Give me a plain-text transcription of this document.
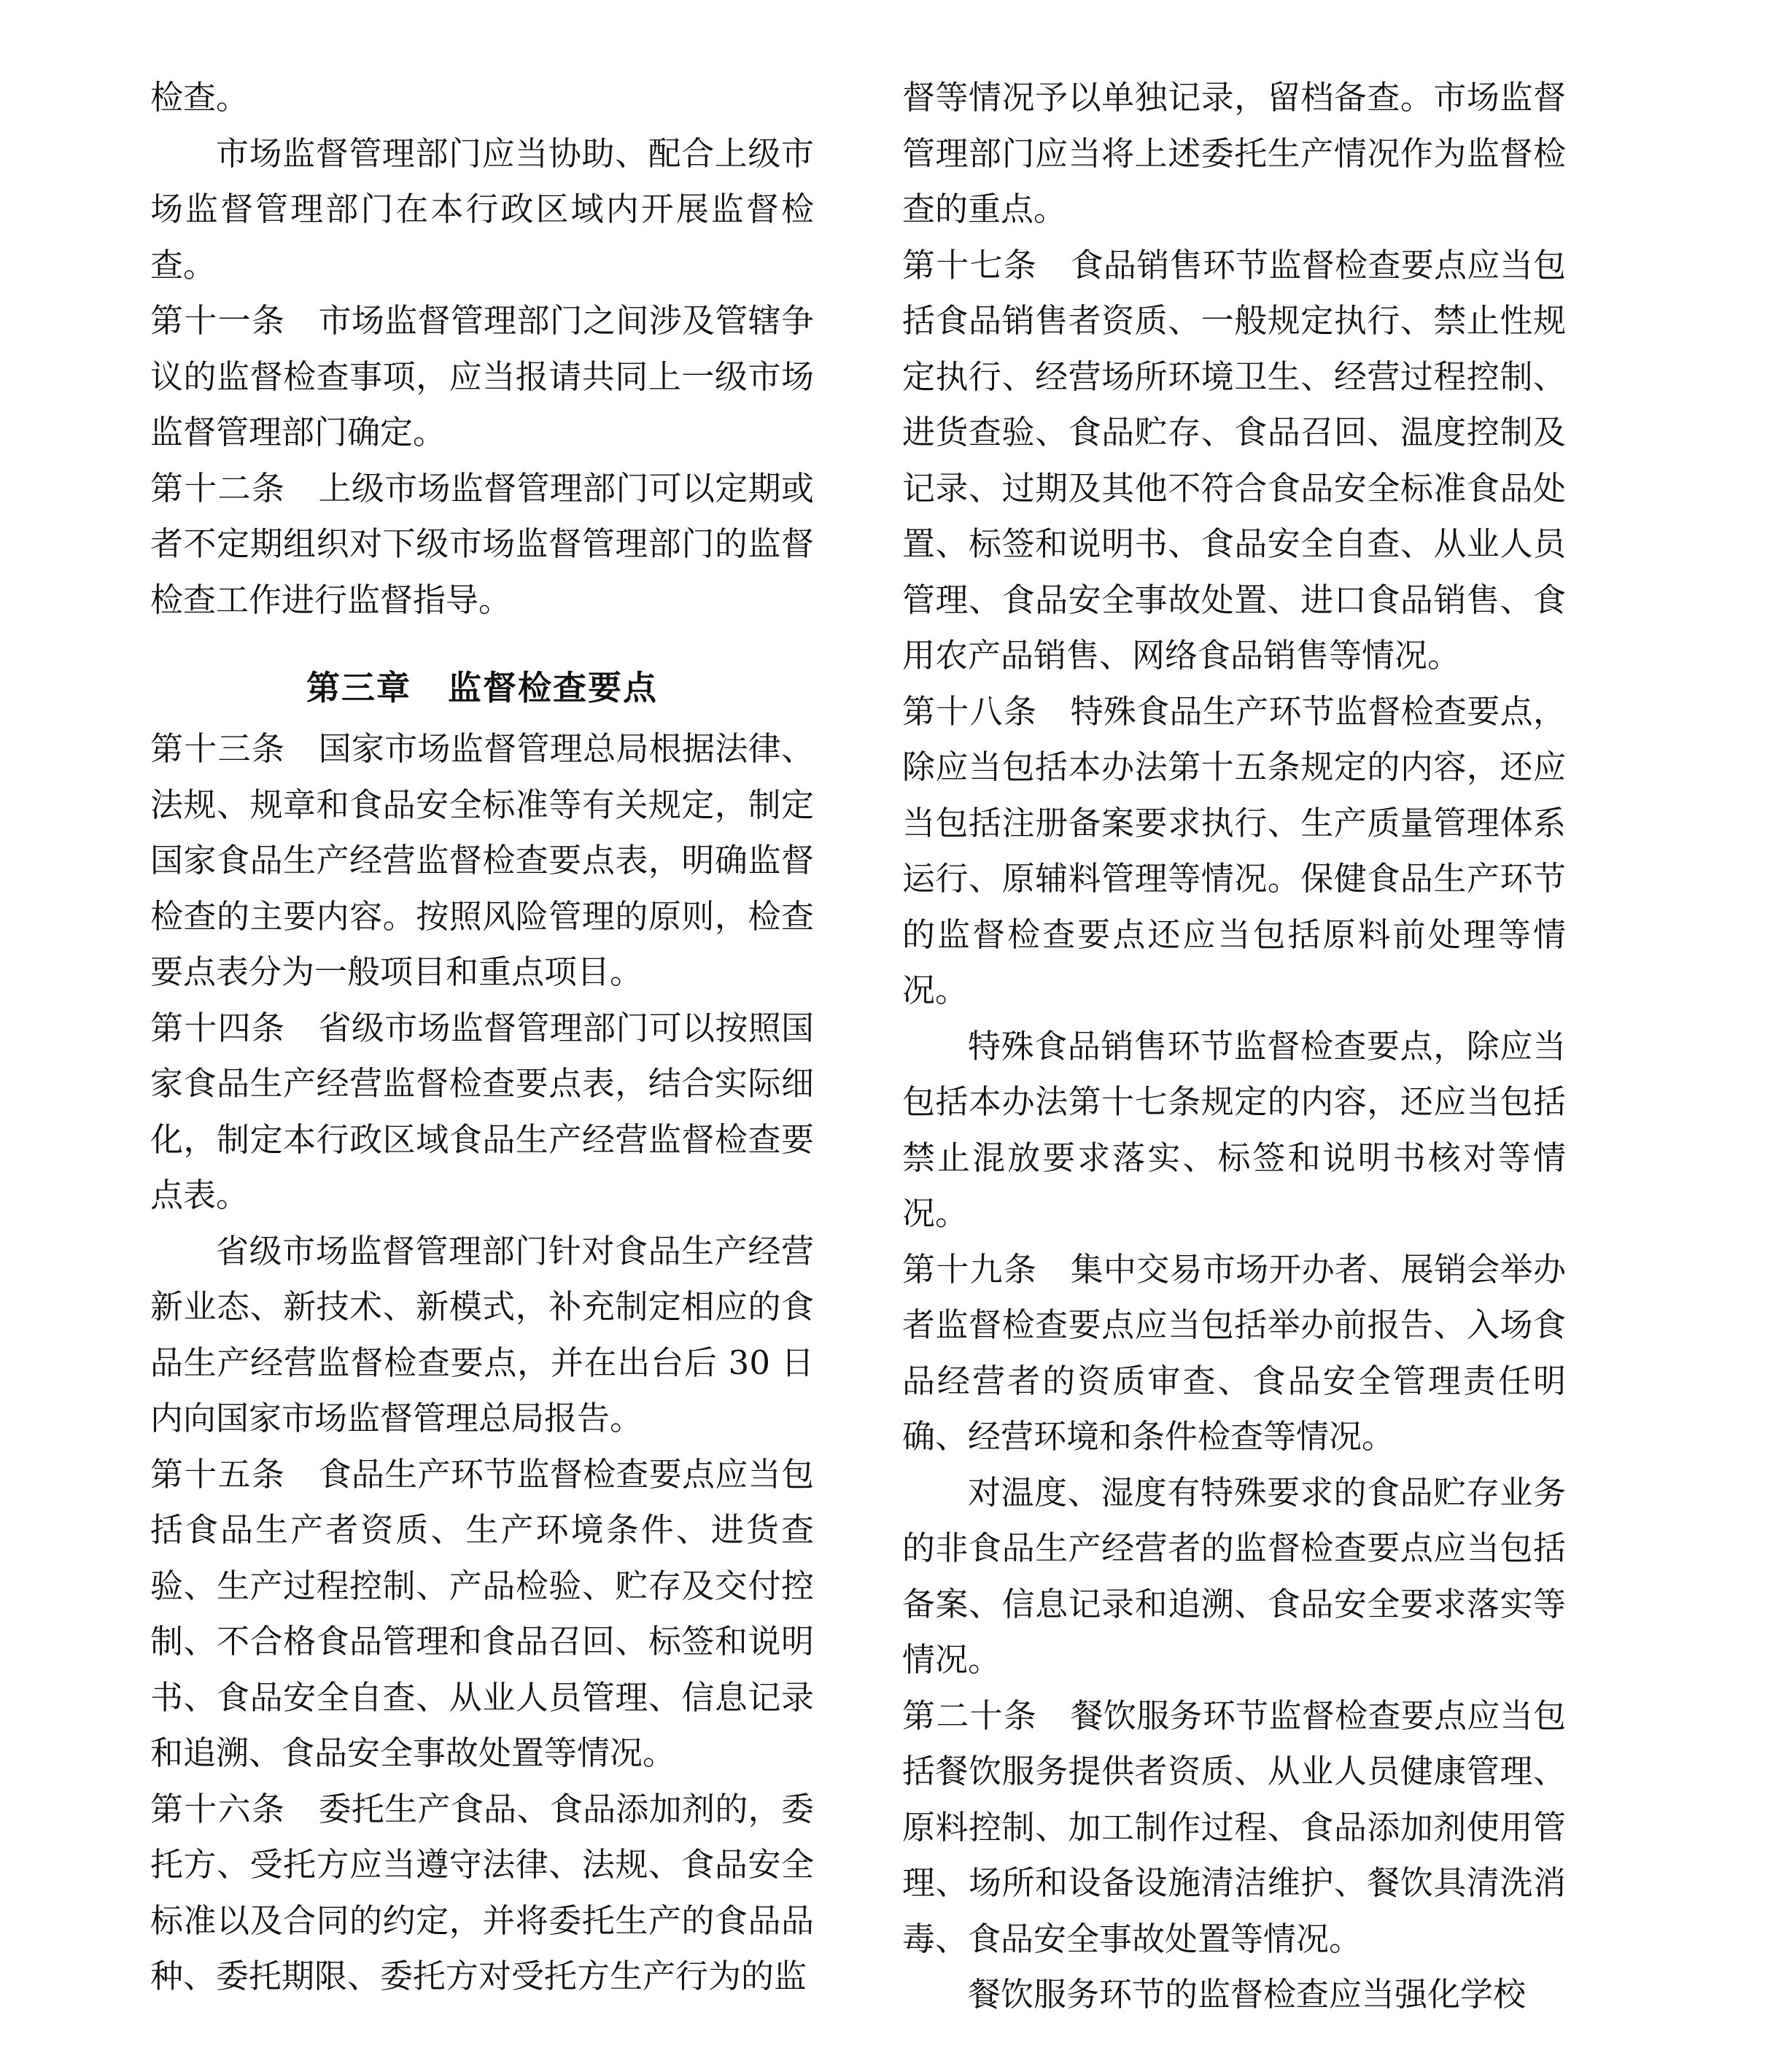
检查。

市场监督管理部门应当协助、配合上级市场监督管理部门在本行政区域内开展监督检查。

第十一条 市场监督管理部门之间涉及管辖争议的监督检查事项，应当报请共同上一级市场监督管理部门确定。

第十二条 上级市场监督管理部门可以定期或者不定期组织对下级市场监督管理部门的监督检查工作进行监督指导。

第三章 监督检查要点

第十三条 国家市场监督管理总局根据法律、法规、规章和食品安全标准等有关规定，制定国家食品生产经营监督检查要点表，明确监督检查的主要内容。按照风险管理的原则，检查要点表分为一般项目和重点项目。

第十四条 省级市场监督管理部门可以按照国家食品生产经营监督检查要点表，结合实际细化，制定本行政区域食品生产经营监督检查要点表。

省级市场监督管理部门针对食品生产经营新业态、新技术、新模式，补充制定相应的食品生产经营监督检查要点，并在出台后 30 日内向国家市场监督管理总局报告。

第十五条 食品生产环节监督检查要点应当包括食品生产者资质、生产环境条件、进货查验、生产过程控制、产品检验、贮存及交付控制、不合格食品管理和食品召回、标签和说明书、食品安全自查、从业人员管理、信息记录和追溯、食品安全事故处置等情况。

第十六条 委托生产食品、食品添加剂的，委托方、受托方应当遵守法律、法规、食品安全标准以及合同的约定，并将委托生产的食品品种、委托期限、委托方对受托方生产行为的监

督等情况予以单独记录，留档备查。市场监督管理部门应当将上述委托生产情况作为监督检查的重点。

第十七条 食品销售环节监督检查要点应当包括食品销售者资质、一般规定执行、禁止性规定执行、经营场所环境卫生、经营过程控制、进货查验、食品贮存、食品召回、温度控制及记录、过期及其他不符合食品安全标准食品处置、标签和说明书、食品安全自查、从业人员管理、食品安全事故处置、进口食品销售、食用农产品销售、网络食品销售等情况。

第十八条 特殊食品生产环节监督检查要点，除应当包括本办法第十五条规定的内容，还应当包括注册备案要求执行、生产质量管理体系运行、原辅料管理等情况。保健食品生产环节的监督检查要点还应当包括原料前处理等情况。

特殊食品销售环节监督检查要点，除应当包括本办法第十七条规定的内容，还应当包括禁止混放要求落实、标签和说明书核对等情况。

第十九条 集中交易市场开办者、展销会举办者监督检查要点应当包括举办前报告、入场食品经营者的资质审查、食品安全管理责任明确、经营环境和条件检查等情况。

对温度、湿度有特殊要求的食品贮存业务的非食品生产经营者的监督检查要点应当包括备案、信息记录和追溯、食品安全要求落实等情况。

第二十条 餐饮服务环节监督检查要点应当包括餐饮服务提供者资质、从业人员健康管理、原料控制、加工制作过程、食品添加剂使用管理、场所和设备设施清洁维护、餐饮具清洗消毒、食品安全事故处置等情况。

餐饮服务环节的监督检查应当强化学校
